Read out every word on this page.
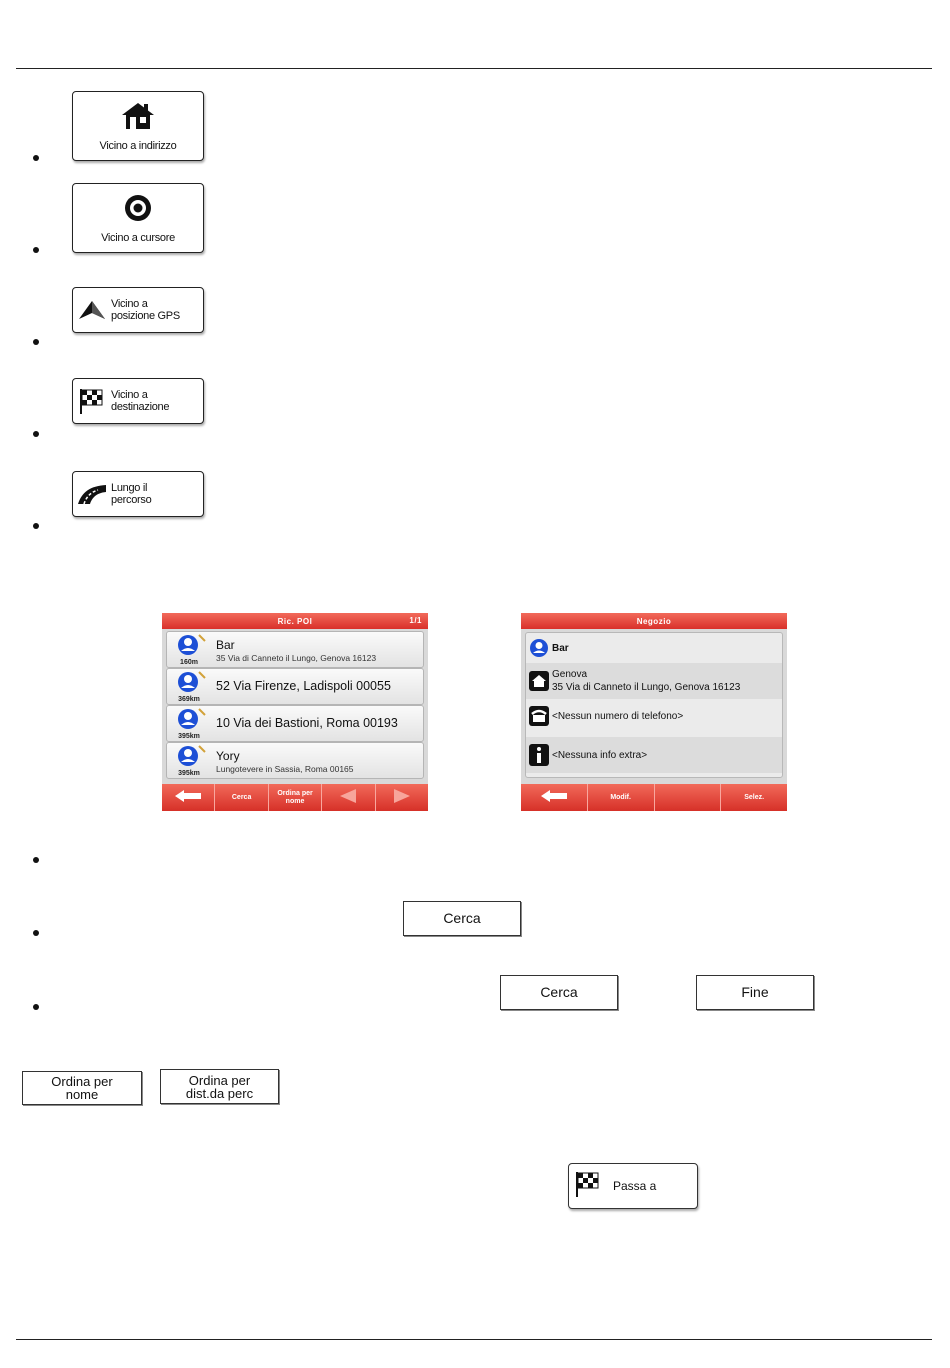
Vicino a indirizzo
Vicino a cursore
Vicino a
posizione GPS
Vicino a
destinazione
Lungo il
percorso
Ric. POI	1/1
160m
Bar
35 Via di Canneto il Lungo, Genova 16123
369km
52 Via Firenze, Ladispoli 00055
395km
10 Via dei Bastioni, Roma 00193
395km
Yory
Lungotevere in Sassia, Roma 00165
Cerca
Ordina per
nome
Negozio
Bar
Genova
35 Via di Canneto il Lungo, Genova 16123
<Nessun numero di telefono>
<Nessuna info extra>
Modif.	Selez.
Cerca
Cerca	Fine
Ordina per
nome
Ordina per
dist.da perc
Passa a
